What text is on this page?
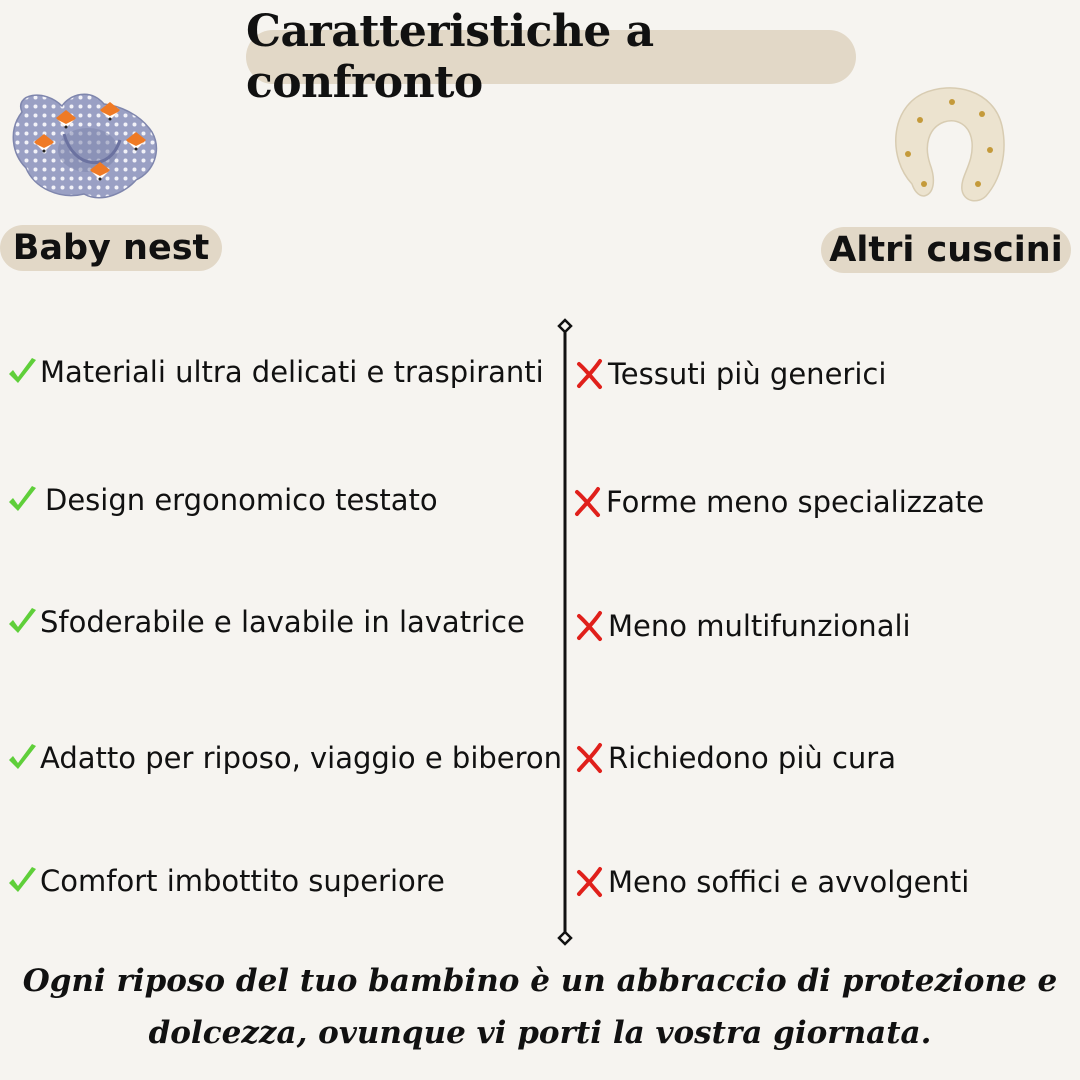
Caratteristiche a confronto
Baby nest	Altri cuscini
Materiali ultra delicati e traspiranti
Design ergonomico testato
Sfoderabile e lavabile in lavatrice
Adatto per riposo, viaggio e biberon
Comfort imbottito superiore
Tessuti più generici
Forme meno specializzate
Meno multifunzionali
Richiedono più cura
Meno soffici e avvolgenti
Ogni riposo del tuo bambino è un abbraccio di protezione e
dolcezza, ovunque vi porti la vostra giornata.
